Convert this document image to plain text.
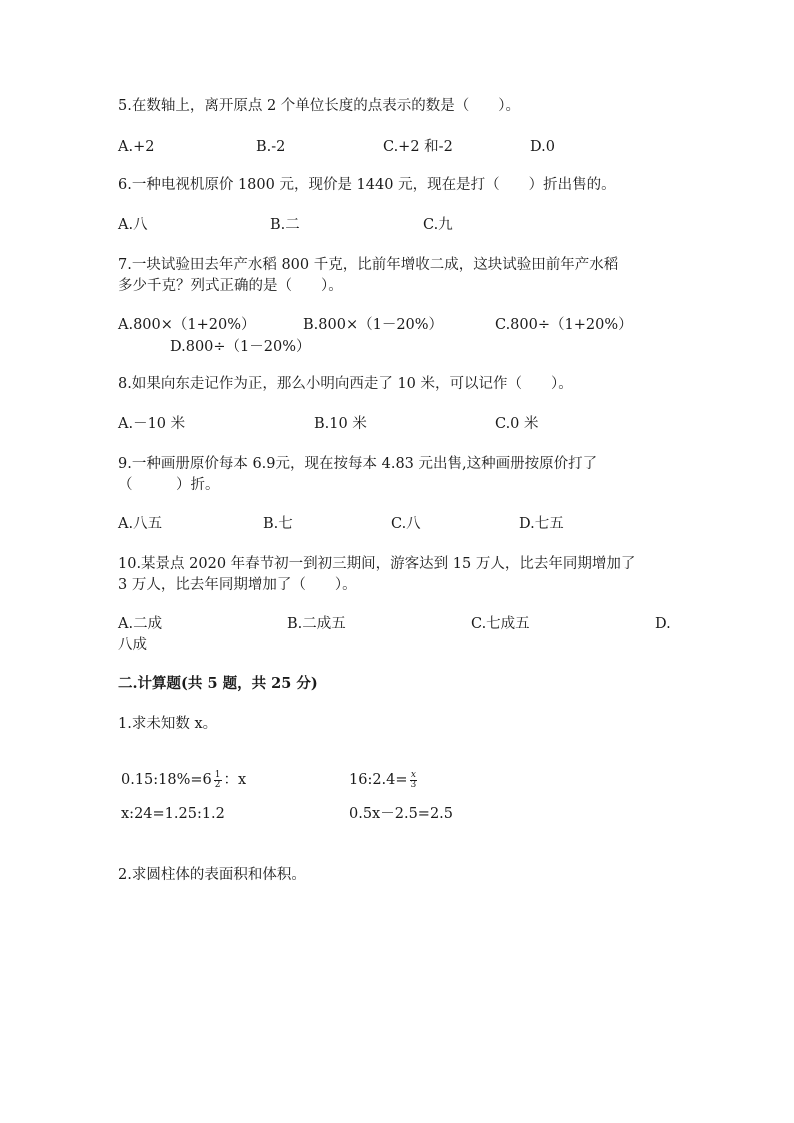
5.在数轴上，离开原点 2 个单位长度的点表示的数是（　　）。
A.+2	B.-2	C.+2 和-2	D.0
6.一种电视机原价 1800 元，现价是 1440 元，现在是打（　　）折出售的。
A.八	B.二	C.九
7.一块试验田去年产水稻 800 千克，比前年增收二成，这块试验田前年产水稻
多少千克？列式正确的是（　　）。
A.800×（1+20%）	B.800×（1－20%）	C.800÷（1+20%）
D.800÷（1－20%）
8.如果向东走记作为正，那么小明向西走了 10 米，可以记作（　　）。
A.－10 米	B.10 米	C.0 米
9.一种画册原价每本 6.9元，现在按每本 4.83 元出售,这种画册按原价打了
（　　　）折。
A.八五	B.七	C.八	D.七五
10.某景点 2020 年春节初一到初三期间，游客达到 15 万人，比去年同期增加了
3 万人，比去年同期增加了（　　）。
A.二成	B.二成五	C.七成五	D.
八成
二.计算题(共 5 题，共 25 分)
1.求未知数 x。
0.15:18%=6 $\frac{1}{2}$ ：x	16:2.4= $\frac{x}{3}$
x:24=1.25:1.2	0.5x－2.5=2.5
2.求圆柱体的表面积和体积。
